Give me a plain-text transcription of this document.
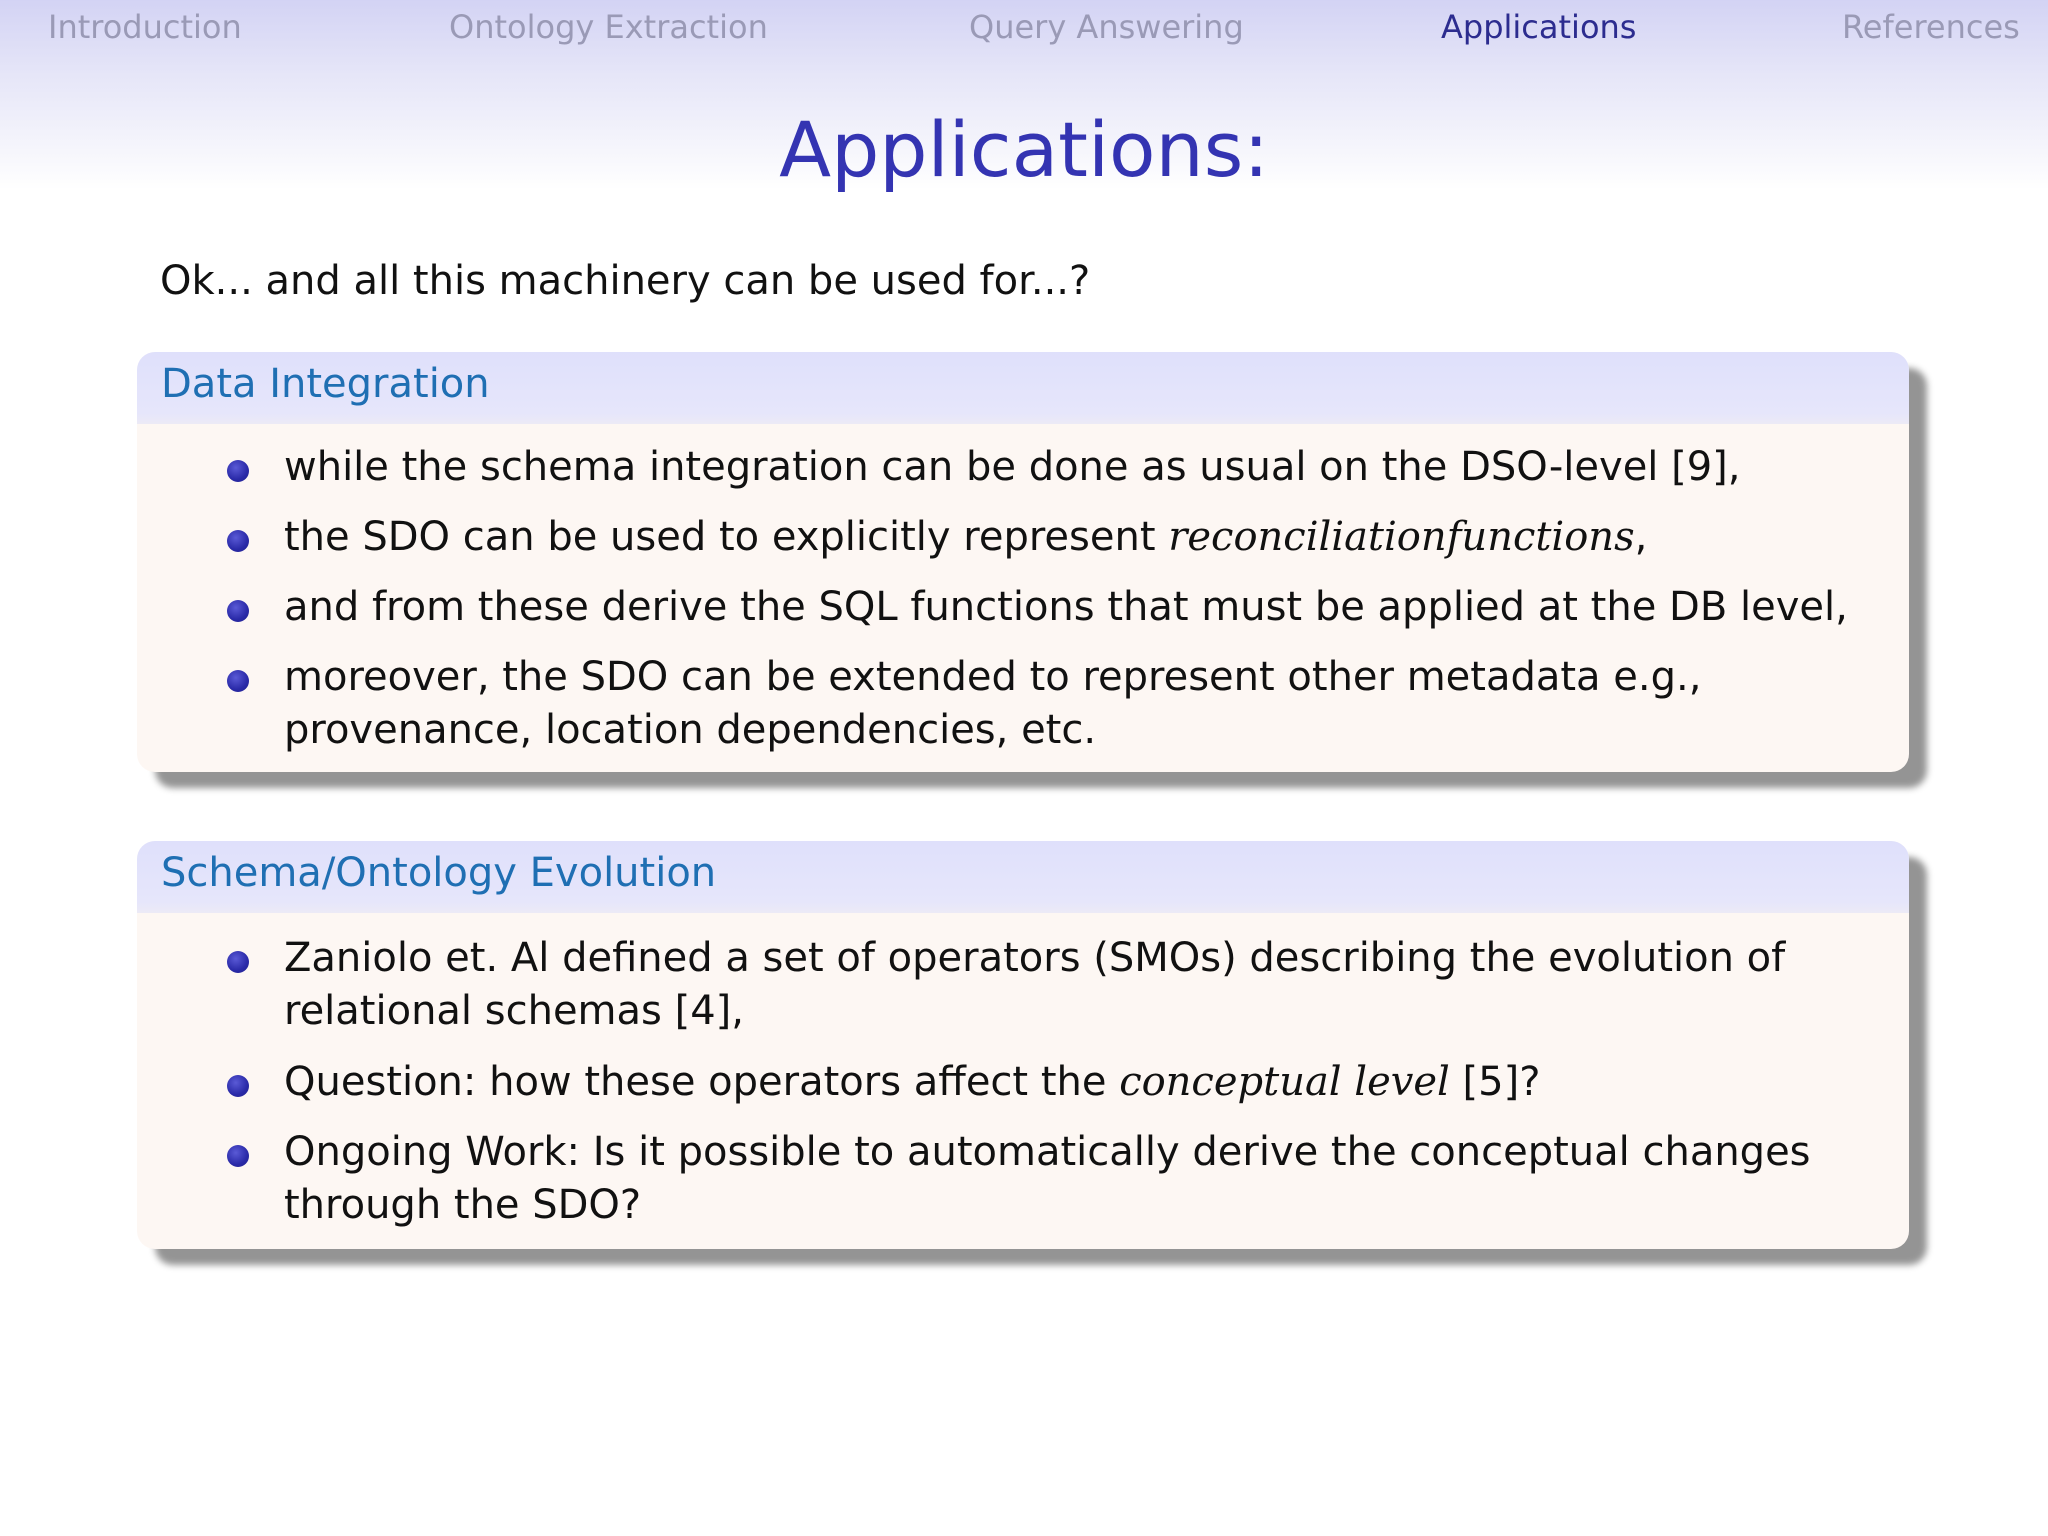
Introduction	Ontology Extraction	Query Answering	Applications	References
Applications:
Ok... and all this machinery can be used for...?
Data Integration
while the schema integration can be done as usual on the DSO-level [9],
the SDO can be used to explicitly represent reconciliationfunctions,
and from these derive the SQL functions that must be applied at the DB level,
moreover, the SDO can be extended to represent other metadata e.g.,
provenance, location dependencies, etc.
Schema/Ontology Evolution
Zaniolo et. Al defined a set of operators (SMOs) describing the evolution of
relational schemas [4],
Question: how these operators affect the conceptual level [5]?
Ongoing Work: Is it possible to automatically derive the conceptual changes
through the SDO?
